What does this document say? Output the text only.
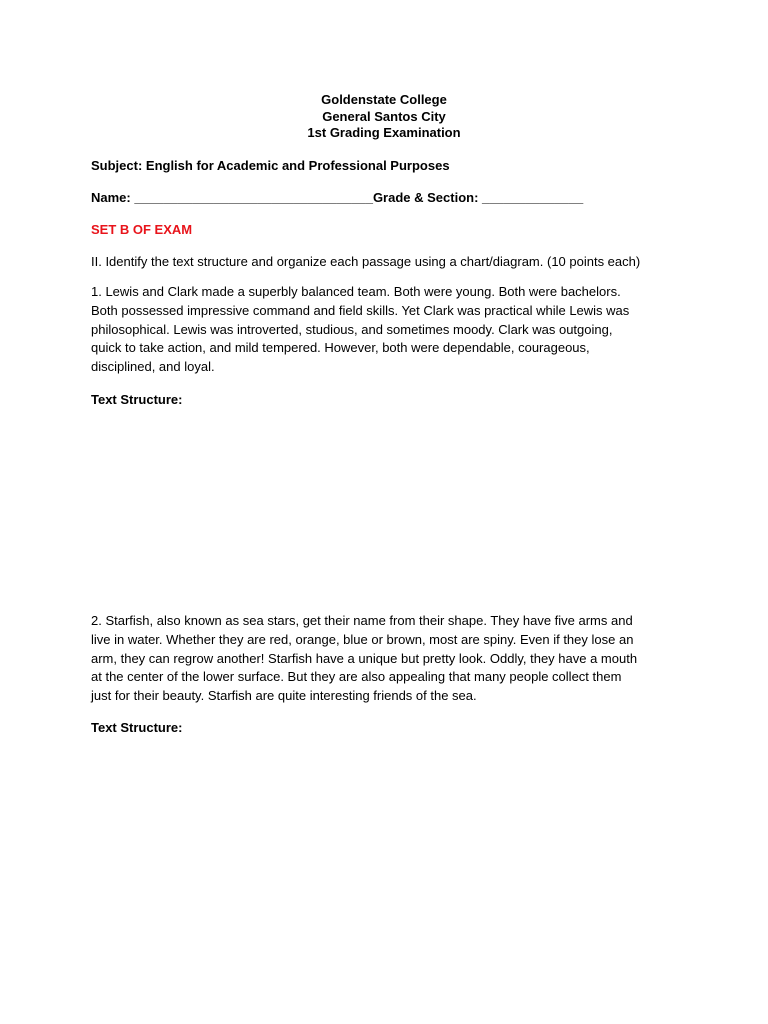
Goldenstate College
General Santos City
1st Grading Examination
Subject: English for Academic and Professional Purposes
Name: _________________________________Grade & Section: ______________
SET B OF EXAM
II. Identify the text structure and organize each passage using a chart/diagram. (10 points each)
1. Lewis and Clark made a superbly balanced team. Both were young. Both were bachelors.
Both possessed impressive command and field skills. Yet Clark was practical while Lewis was
philosophical. Lewis was introverted, studious, and sometimes moody. Clark was outgoing,
quick to take action, and mild tempered. However, both were dependable, courageous,
disciplined, and loyal.
Text Structure:
2. Starfish, also known as sea stars, get their name from their shape. They have five arms and
live in water. Whether they are red, orange, blue or brown, most are spiny. Even if they lose an
arm, they can regrow another! Starfish have a unique but pretty look. Oddly, they have a mouth
at the center of the lower surface. But they are also appealing that many people collect them
just for their beauty. Starfish are quite interesting friends of the sea.
Text Structure:
